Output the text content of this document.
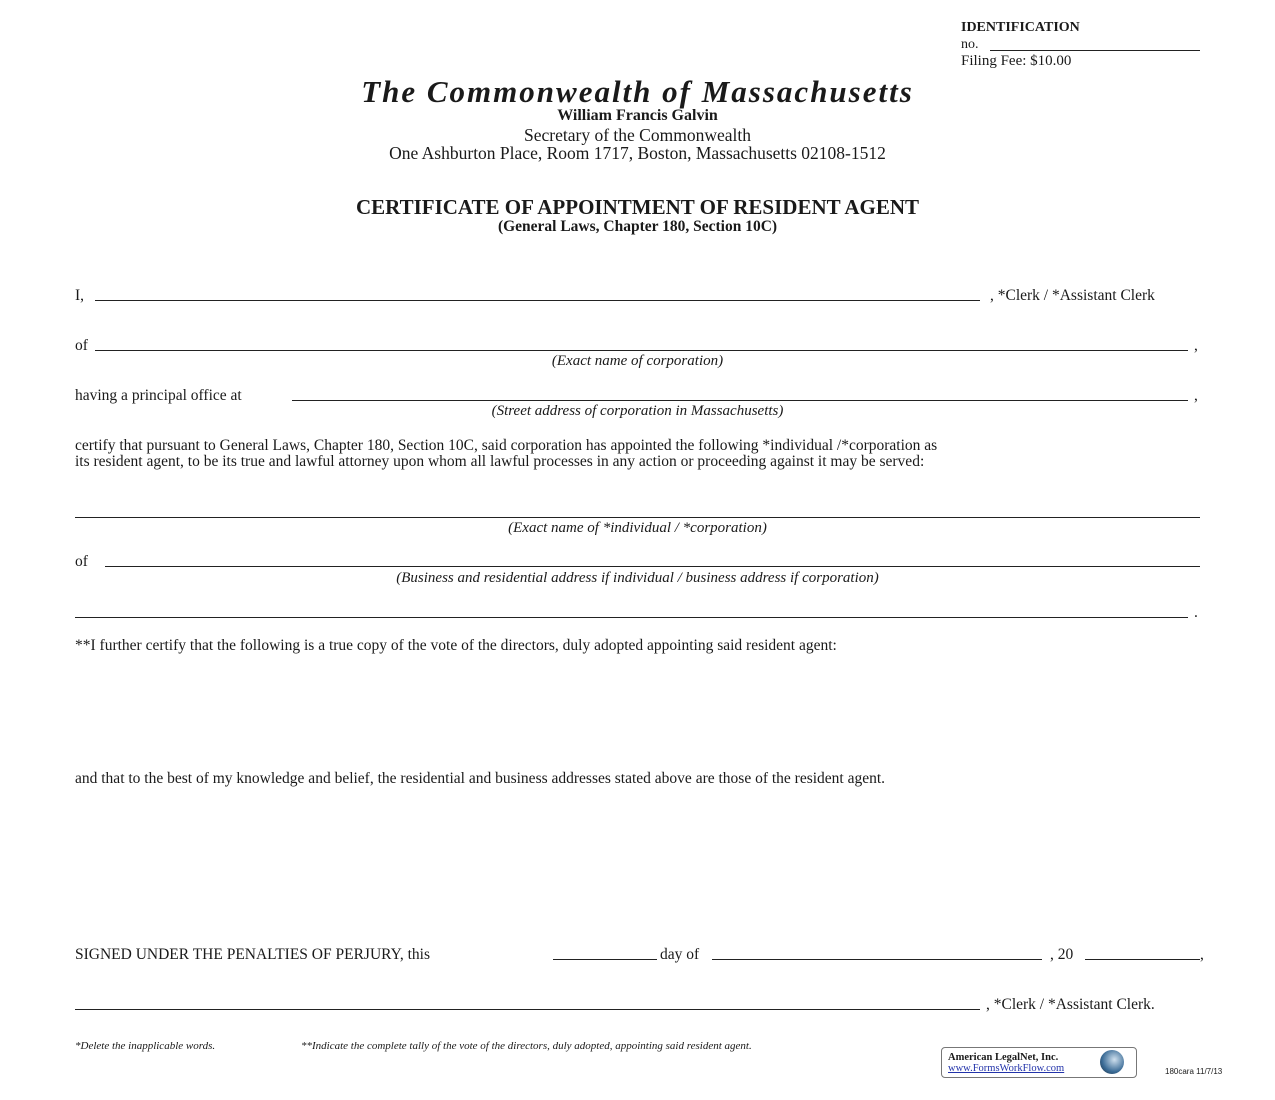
IDENTIFICATION
no.
Filing Fee: $10.00
The Commonwealth of Massachusetts
William Francis Galvin
Secretary of the Commonwealth
One Ashburton Place, Room 1717, Boston, Massachusetts 02108-1512
CERTIFICATE OF APPOINTMENT OF RESIDENT AGENT
(General Laws, Chapter 180, Section 10C)
I,	, *Clerk / *Assistant Clerk
of	,
(Exact name of corporation)
having a principal office at	,
(Street address of corporation in Massachusetts)
certify that pursuant to General Laws, Chapter 180, Section 10C, said corporation has appointed the following *individual /*corporation as
its resident agent, to be its true and lawful attorney upon whom all lawful processes in any action or proceeding against it may be served:
(Exact name of *individual / *corporation)
of
(Business and residential address if individual / business address if corporation)
.
**I further certify that the following is a true copy of the vote of the directors, duly adopted appointing said resident agent:
and that to the best of my knowledge and belief, the residential and business addresses stated above are those of the resident agent.
SIGNED UNDER THE PENALTIES OF PERJURY, this	day of	, 20	,
, *Clerk / *Assistant Clerk.
*Delete the inapplicable words.	**Indicate the complete tally of the vote of the directors, duly adopted, appointing said resident agent.
American LegalNet, Inc.
www.FormsWorkFlow.com	180cara 11/7/13
